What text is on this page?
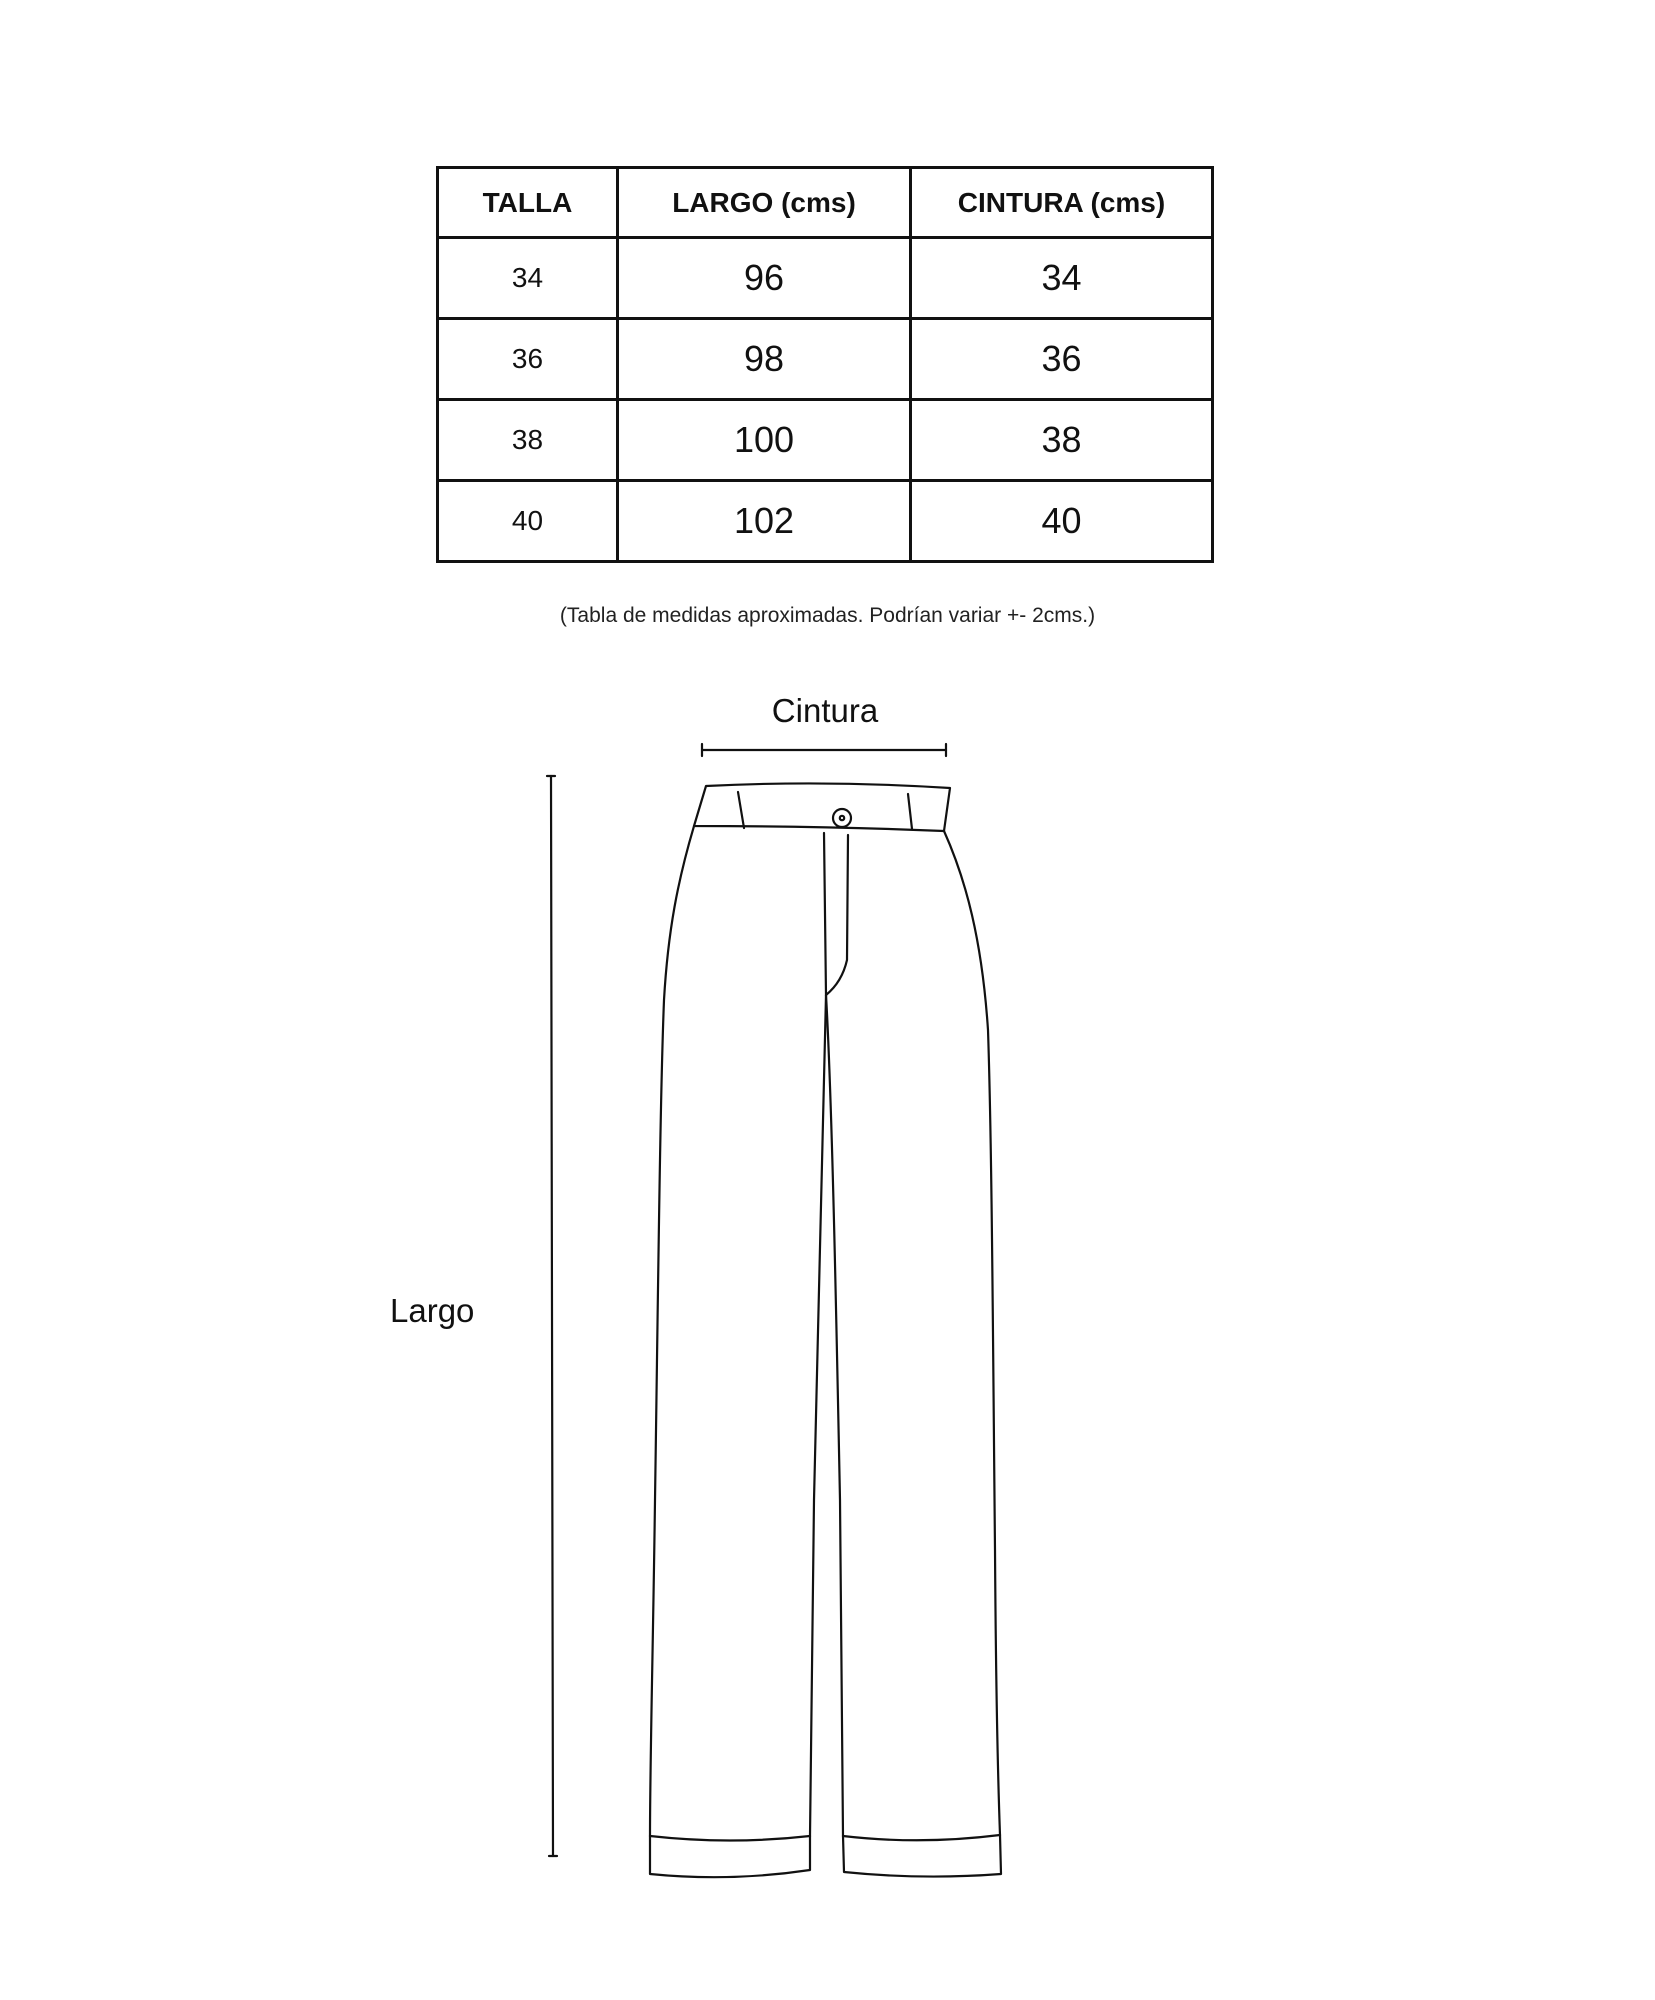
TALLA	LARGO (cms)	CINTURA (cms)
34	96	34
36	98	36
38	100	38
40	102	40
(Tabla de medidas aproximadas. Podrían variar +- 2cms.)
Cintura
Largo
